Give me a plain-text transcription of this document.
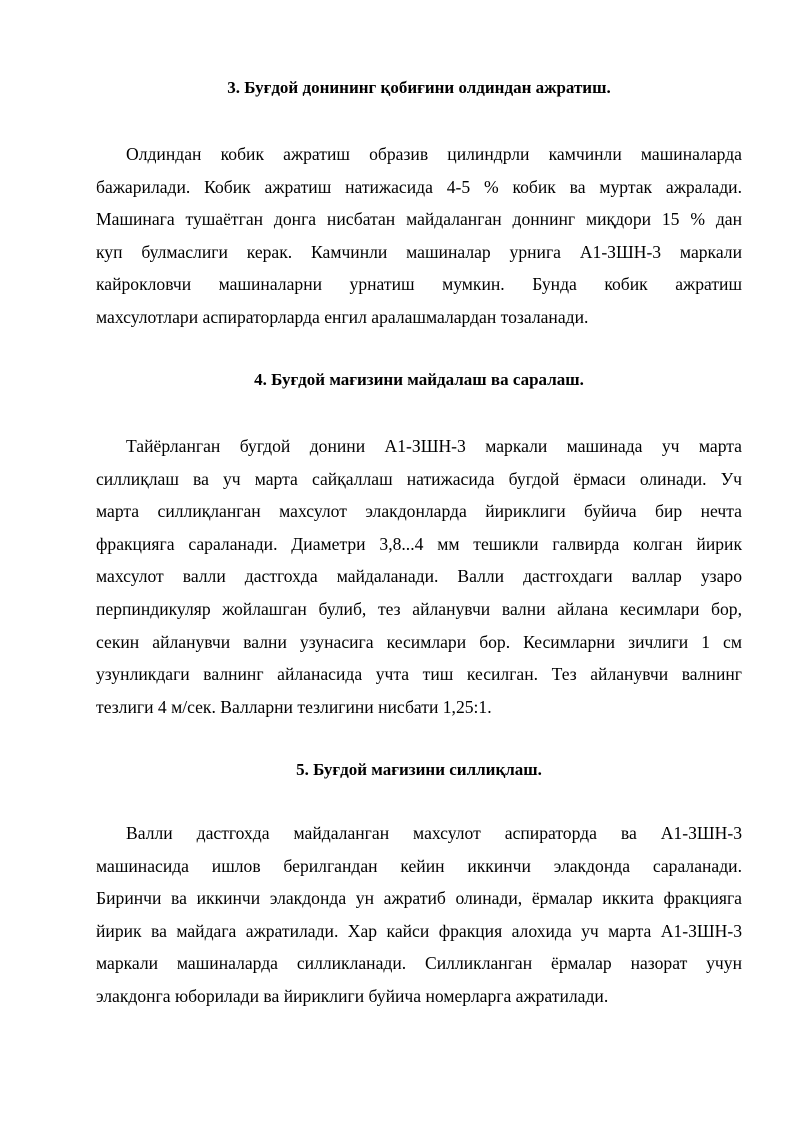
3. Буғдой донининг қобиғини олдиндан ажратиш.
Олдиндан кобик ажратиш образив цилиндрли камчинли машиналарда
бажарилади. Кобик ажратиш натижасида 4-5 % кобик ва муртак ажралади.
Машинага тушаётган донга нисбатан майдаланган доннинг миқдори 15 % дан
куп булмаслиги керак. Камчинли машиналар урнига А1-ЗШН-3 маркали
кайрокловчи машиналарни урнатиш мумкин. Бунда кобик ажратиш
махсулотлари аспираторларда енгил аралашмалардан тозаланади.
4. Буғдой мағизини майдалаш ва саралаш.
Тайёрланган бугдой донини А1-ЗШН-3 маркали машинада уч марта
силлиқлаш ва уч марта сайқаллаш натижасида бугдой ёрмаси олинади. Уч
марта силлиқланган махсулот элакдонларда йириклиги буйича бир нечта
фракцияга сараланади. Диаметри 3,8...4 мм тешикли галвирда колган йирик
махсулот валли дастгохда майдаланади. Валли дастгохдаги валлар узаро
перпиндикуляр жойлашган булиб, тез айланувчи вални айлана кесимлари бор,
секин айланувчи вални узунасига кесимлари бор. Кесимларни зичлиги 1 см
узунликдаги валнинг айланасида учта тиш кесилган. Тез айланувчи валнинг
тезлиги 4 м/сек. Валларни тезлигини нисбати 1,25:1.
5. Буғдой мағизини силлиқлаш.
Валли дастгохда майдаланган махсулот аспираторда ва А1-ЗШН-3
машинасида ишлов берилгандан кейин иккинчи элакдонда сараланади.
Биринчи ва иккинчи элакдонда ун ажратиб олинади, ёрмалар иккита фракцияга
йирик ва майдага ажратилади. Хар кайси фракция алохида уч марта А1-ЗШН-3
маркали машиналарда силликланади. Силликланган ёрмалар назорат учун
элакдонга юборилади ва йириклиги буйича номерларга ажратилади.
